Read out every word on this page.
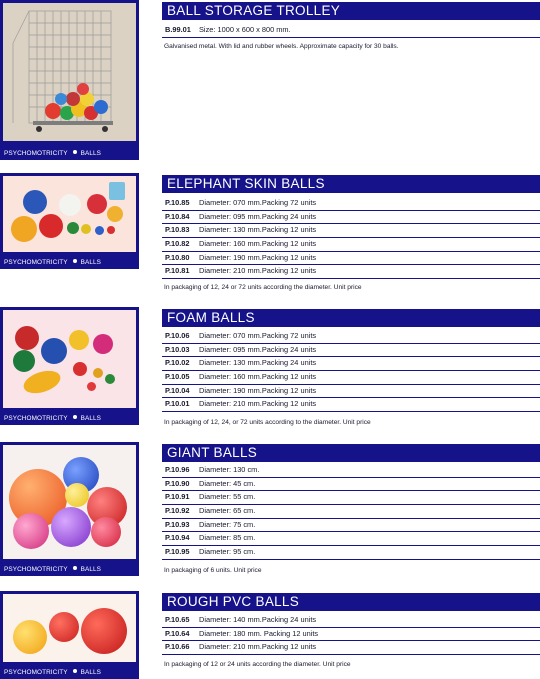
PSYCHOMOTRICITY BALLS
BALL STORAGE TROLLEY
B.99.01 Size: 1000 x 600 x 800 mm.
Galvanised metal. With lid and rubber wheels. Approximate capacity for 30 balls.
PSYCHOMOTRICITY BALLS
ELEPHANT SKIN BALLS
P.10.85 Diameter: 070 mm.Packing 72 units
P.10.84 Diameter: 095 mm.Packing 24 units
P.10.83 Diameter: 130 mm.Packing 12 units
P.10.82 Diameter: 160 mm.Packing 12 units
P.10.80 Diameter: 190 mm.Packing 12 units
P.10.81 Diameter: 210 mm.Packing 12 units
In packaging of 12, 24 or 72 units according the diameter. Unit price
PSYCHOMOTRICITY BALLS
FOAM BALLS
P.10.06 Diameter: 070 mm.Packing 72 units
P.10.03 Diameter: 095 mm.Packing 24 units
P.10.02 Diameter: 130 mm.Packing 24 units
P.10.05 Diameter: 160 mm.Packing 12 units
P.10.04 Diameter: 190 mm.Packing 12 units
P.10.01 Diameter: 210 mm.Packing 12 units
In packaging of 12, 24, or 72 units according to the diameter. Unit price
PSYCHOMOTRICITY BALLS
GIANT BALLS
P.10.96 Diameter: 130 cm.
P.10.90 Diameter: 45 cm.
P.10.91 Diameter: 55 cm.
P.10.92 Diameter: 65 cm.
P.10.93 Diameter: 75 cm.
P.10.94 Diameter: 85 cm.
P.10.95 Diameter: 95 cm.
In packaging of 6 units. Unit price
PSYCHOMOTRICITY BALLS
ROUGH PVC BALLS
P.10.65 Diameter: 140 mm.Packing 24 units
P.10.64 Diameter: 180 mm. Packing 12 units
P.10.66 Diameter: 210 mm.Packing 12 units
In packaging of 12 or 24 units according the diameter. Unit price
